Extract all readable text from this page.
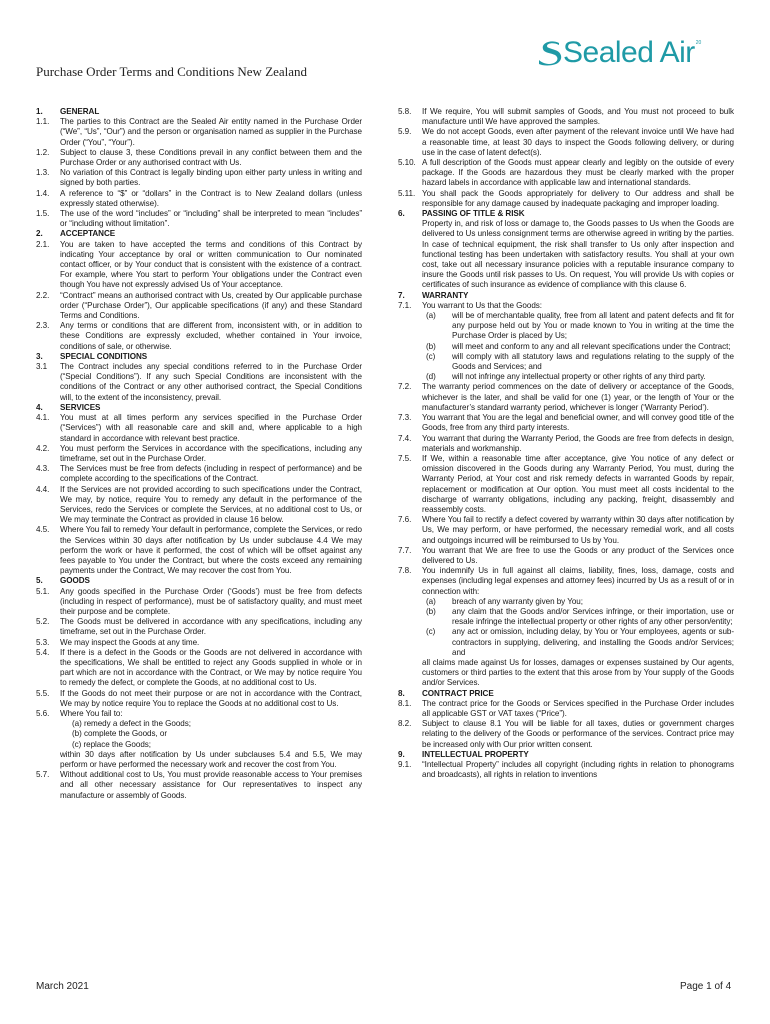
Sealed Air 20
Purchase Order Terms and Conditions New Zealand
1.	GENERAL
1.1.	The parties to this Contract are the Sealed Air entity named in the Purchase Order (“We”, “Us”, “Our”) and the person or organisation named as supplier in the Purchase Order (“You”, “Your”).
1.2.	Subject to clause 3, these Conditions prevail in any conflict between them and the Purchase Order or any authorised contract with Us.
1.3.	No variation of this Contract is legally binding upon either party unless in writing and signed by both parties.
1.4.	A reference to “$” or “dollars” in the Contract is to New Zealand dollars (unless expressly stated otherwise).
1.5.	The use of the word “includes” or “including” shall be interpreted to mean “includes” or “including without limitation”.
2.	ACCEPTANCE
2.1.	You are taken to have accepted the terms and conditions of this Contract by indicating Your acceptance by oral or written communication to Our nominated contact officer, or by Your conduct that is consistent with the existence of a contract. For example, where You start to perform Your obligations under the Contract even though You have not expressly advised Us of Your acceptance.
2.2.	“Contract” means an authorised contract with Us, created by Our applicable purchase order (“Purchase Order”), Our applicable specifications (if any) and these Standard Terms and Conditions.
2.3.	Any terms or conditions that are different from, inconsistent with, or in addition to these Conditions are expressly excluded, whether contained in Your invoice, conditions of sale, or otherwise.
3.	SPECIAL CONDITIONS
3.1	The Contract includes any special conditions referred to in the Purchase Order (“Special Conditions”). If any such Special Conditions are inconsistent with the conditions of the Contract or any other authorised contract, the Special Conditions will, to the extent of the inconsistency, prevail.
4.	SERVICES
4.1.	You must at all times perform any services specified in the Purchase Order (“Services”) with all reasonable care and skill and, where applicable to a high standard in accordance with relevant best practice.
4.2.	You must perform the Services in accordance with the specifications, including any timeframe, set out in the Purchase Order.
4.3.	The Services must be free from defects (including in respect of performance) and be complete according to the specifications of the Contract.
4.4.	If the Services are not provided according to such specifications under the Contract, We may, by notice, require You to remedy any default in the performance of the Services, redo the Services or complete the Services, at no additional cost to Us, or We may terminate the Contract as provided in clause 16 below.
4.5.	Where You fail to remedy Your default in performance, complete the Services, or redo the Services within 30 days after notification by Us under subclause 4.4 We may perform the work or have it performed, the cost of which will be offset against any fees payable to You under the Contract, but where the costs exceed any remaining payments under the Contract, We may recover the cost from You.
5.	GOODS
5.1.	Any goods specified in the Purchase Order (‘Goods’) must be free from defects (including in respect of performance), must be of satisfactory quality, and must meet their purpose and be complete.
5.2.	The Goods must be delivered in accordance with any specifications, including any timeframe, set out in the Purchase Order.
5.3.	We may inspect the Goods at any time.
5.4.	If there is a defect in the Goods or the Goods are not delivered in accordance with the specifications, We shall be entitled to reject any Goods supplied in whole or in part which are not in accordance with the Contract, or We may by notice require You to remedy the defect, or complete the Goods, at no additional cost to Us.
5.5.	If the Goods do not meet their purpose or are not in accordance with the Contract, We may by notice require You to replace the Goods at no additional cost to Us.
5.6.	Where You fail to:
(a) remedy a defect in the Goods;
(b) complete the Goods, or
(c) replace the Goods;
within 30 days after notification by Us under subclauses 5.4 and 5.5, We may perform or have performed the necessary work and recover the cost from You.
5.7.	Without additional cost to Us, You must provide reasonable access to Your premises and all other necessary assistance for Our representatives to inspect any manufacture or assembly of Goods.
5.8.	If We require, You will submit samples of Goods, and You must not proceed to bulk manufacture until We have approved the samples.
5.9.	We do not accept Goods, even after payment of the relevant invoice until We have had a reasonable time, at least 30 days to inspect the Goods following delivery, or during use in the case of latent defect(s).
5.10. A full description of the Goods must appear clearly and legibly on the outside of every package. If the Goods are hazardous they must be clearly marked with the proper hazard labels in accordance with applicable law and international standards.
5.11. You shall pack the Goods appropriately for delivery to Our address and shall be responsible for any damage caused by inadequate packaging and improper loading.
6.	PASSING OF TITLE & RISK
Property in, and risk of loss or damage to, the Goods passes to Us when the Goods are delivered to Us unless consignment terms are otherwise agreed in writing by the parties. In case of technical equipment, the risk shall transfer to Us only after inspection and functional testing has been undertaken with satisfactory results. You shall at your own cost, take out all necessary insurance policies with a reputable insurance company to insure the Goods until risk passes to Us. On request, You will provide Us with copies or certificates of such insurance as evidence of compliance with this clause 6.
7.	WARRANTY
7.1.	You warrant to Us that the Goods:
(a)	will be of merchantable quality, free from all latent and patent defects and fit for any purpose held out by You or made known to You in writing at the time the Purchase Order is placed by Us;
(b)	will meet and conform to any and all relevant specifications under the Contract;
(c)	will comply with all statutory laws and regulations relating to the supply of the Goods and Services; and
(d)	will not infringe any intellectual property or other rights of any third party.
7.2.	The warranty period commences on the date of delivery or acceptance of the Goods, whichever is the later, and shall be valid for one (1) year, or the length of Your or the manufacturer’s standard warranty period, whichever is longer (‘Warranty Period’).
7.3.	You warrant that You are the legal and beneficial owner, and will convey good title of the Goods, free from any third party interests.
7.4.	You warrant that during the Warranty Period, the Goods are free from defects in design, materials and workmanship.
7.5.	If We, within a reasonable time after acceptance, give You notice of any defect or omission discovered in the Goods during any Warranty Period, You must, during the Warranty Period, at Your cost and risk remedy defects in warranted Goods by repair, replacement or modification at Our option. You must meet all costs incidental to the discharge of warranty obligations, including any packing, freight, disassembly and reassembly costs.
7.6.	Where You fail to rectify a defect covered by warranty within 30 days after notification by Us, We may perform, or have performed, the necessary remedial work, and all costs and outgoings incurred will be reimbursed to Us by You.
7.7.	You warrant that We are free to use the Goods or any product of the Services once delivered to Us.
7.8.	You indemnify Us in full against all claims, liability, fines, loss, damage, costs and expenses (including legal expenses and attorney fees) incurred by Us as a result of or in connection with:
(a)	breach of any warranty given by You;
(b)	any claim that the Goods and/or Services infringe, or their importation, use or resale infringe the intellectual property or other rights of any other person/entity;
(c)	any act or omission, including delay, by You or Your employees, agents or sub-contractors in supplying, delivering, and installing the Goods and/or Services; and
all claims made against Us for losses, damages or expenses sustained by Our agents, customers or third parties to the extent that this arose from by Your supply of the Goods and/or Services.
8.	CONTRACT PRICE
8.1.	The contract price for the Goods or Services specified in the Purchase Order includes all applicable GST or VAT taxes (“Price”).
8.2.	Subject to clause 8.1 You will be liable for all taxes, duties or government charges relating to the delivery of the Goods or performance of the services. Contract price may be increased only with Our prior written consent.
9.	INTELLECTUAL PROPERTY
9.1.	“Intellectual Property” includes all copyright (including rights in relation to phonograms and broadcasts), all rights in relation to inventions
March 2021	Page 1 of 4
